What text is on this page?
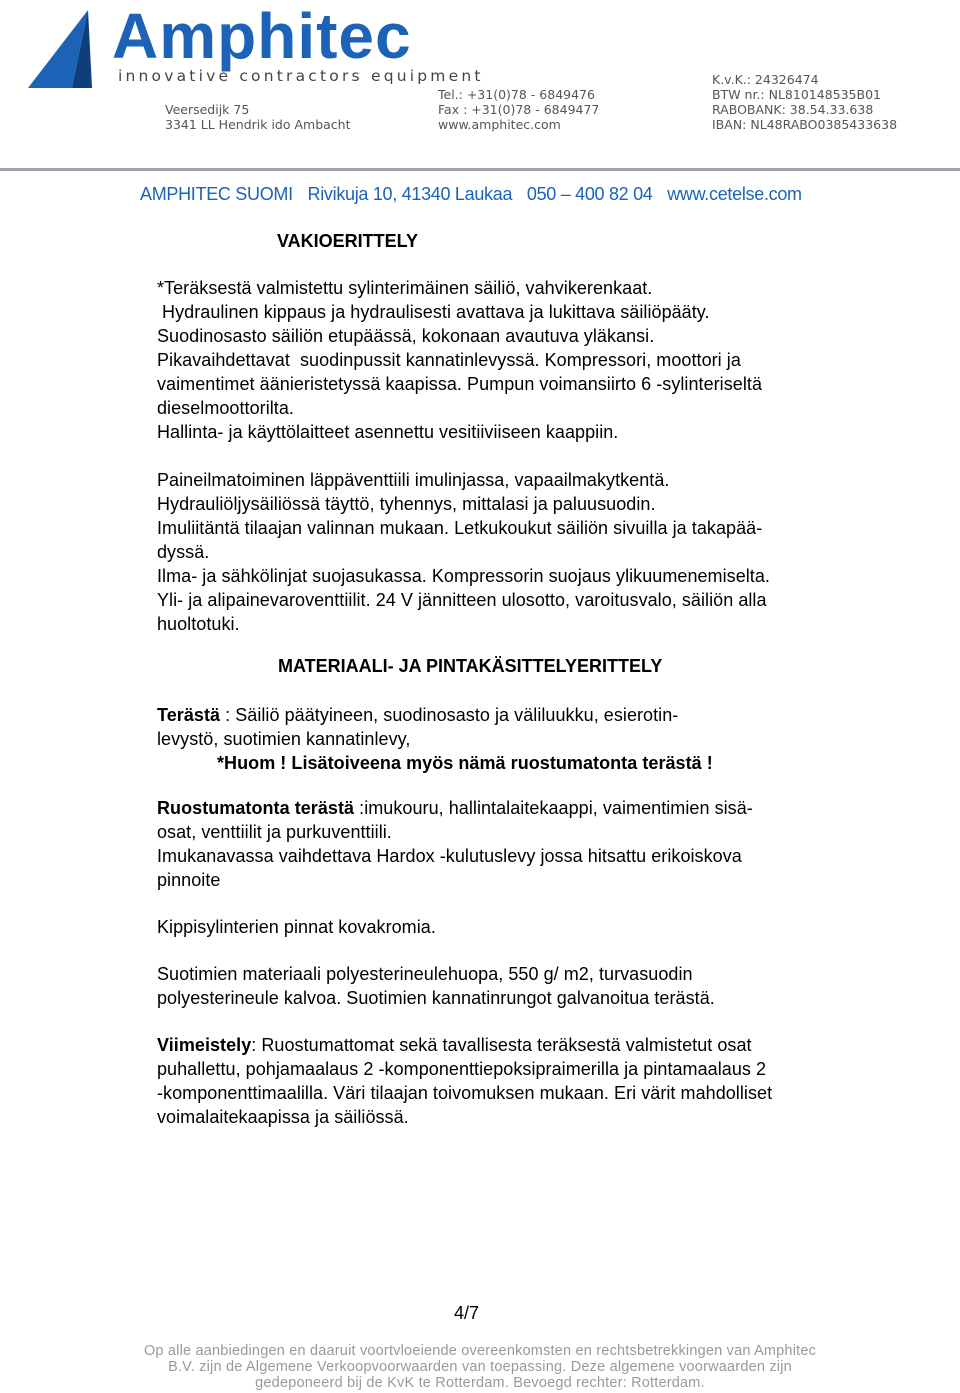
Amphitec
innovative contractors equipment
Veersedijk 75
3341 LL Hendrik ido Ambacht
Tel.: +31(0)78 - 6849476
Fax : +31(0)78 - 6849477
www.amphitec.com
K.v.K.: 24326474
BTW nr.: NL810148535B01
RABOBANK: 38.54.33.638
IBAN: NL48RABO0385433638
AMPHITEC SUOMI Rivikuja 10, 41340 Laukaa 050 – 400 82 04 www.cetelse.com
VAKIOERITTELY
*Teräksestä valmistettu sylinterimäinen säiliö, vahvikerenkaat.
Hydraulinen kippaus ja hydraulisesti avattava ja lukittava säiliöpääty.
Suodinosasto säiliön etupäässä, kokonaan avautuva yläkansi.
Pikavaihdettavat  suodinpussit kannatinlevyssä. Kompressori, moottori ja
vaimentimet äänieristetyssä kaapissa. Pumpun voimansiirto 6 -sylinteriseltä
dieselmoottorilta.
Hallinta- ja käyttölaitteet asennettu vesitiiviiseen kaappiin.
Paineilmatoiminen läppäventtiili imulinjassa, vapaailmakytkentä.
Hydrauliöljysäiliössä täyttö, tyhennys, mittalasi ja paluusuodin.
Imuliitäntä tilaajan valinnan mukaan. Letkukoukut säiliön sivuilla ja takapää-
dyssä.
Ilma- ja sähkölinjat suojasukassa. Kompressorin suojaus ylikuumenemiselta.
Yli- ja alipainevaroventtiilit. 24 V jännitteen ulosotto, varoitusvalo, säiliön alla
huoltotuki.
MATERIAALI- JA PINTAKÄSITTELYERITTELY
Terästä : Säiliö päätyineen, suodinosasto ja väliluukku, esierotin-
levystö, suotimien kannatinlevy,
*Huom ! Lisätoiveena myös nämä ruostumatonta terästä !
Ruostumatonta terästä :imukouru, hallintalaitekaappi, vaimentimien sisä-
osat, venttiilit ja purkuventtiili.
Imukanavassa vaihdettava Hardox -kulutuslevy jossa hitsattu erikoiskova
pinnoite
Kippisylinterien pinnat kovakromia.
Suotimien materiaali polyesterineulehuopa, 550 g/ m2, turvasuodin
polyesterineule kalvoa. Suotimien kannatinrungot galvanoitua terästä.
Viimeistely: Ruostumattomat sekä tavallisesta teräksestä valmistetut osat
puhallettu, pohjamaalaus 2 -komponenttiepoksipraimerilla ja pintamaalaus 2
-komponenttimaalilla. Väri tilaajan toivomuksen mukaan. Eri värit mahdolliset
voimalaitekaapissa ja säiliössä.
4/7
Op alle aanbiedingen en daaruit voortvloeiende overeenkomsten en rechtsbetrekkingen van Amphitec
B.V. zijn de Algemene Verkoopvoorwaarden van toepassing. Deze algemene voorwaarden zijn
gedeponeerd bij de KvK te Rotterdam. Bevoegd rechter: Rotterdam.
